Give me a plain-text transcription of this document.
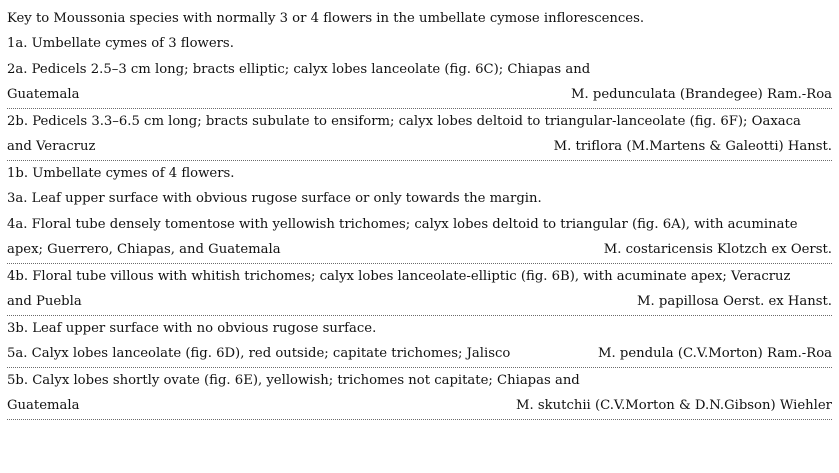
Key to Moussonia species with normally 3 or 4 flowers in the umbellate cymose inflorescences.
1a. Umbellate cymes of 3 flowers.
2a. Pedicels 2.5–3 cm long; bracts elliptic; calyx lobes lanceolate (fig. 6C); Chiapas and
Guatemala	M. pedunculata (Brandegee) Ram.-Roa
2b. Pedicels 3.3–6.5 cm long; bracts subulate to ensiform; calyx lobes deltoid to triangular-lanceolate (fig. 6F); Oaxaca
and Veracruz	M. triflora (M.Martens & Galeotti) Hanst.
1b. Umbellate cymes of 4 flowers.
3a. Leaf upper surface with obvious rugose surface or only towards the margin.
4a. Floral tube densely tomentose with yellowish trichomes; calyx lobes deltoid to triangular (fig. 6A), with acuminate
apex; Guerrero, Chiapas, and Guatemala	M. costaricensis Klotzch ex Oerst.
4b. Floral tube villous with whitish trichomes; calyx lobes lanceolate-elliptic (fig. 6B), with acuminate apex; Veracruz
and Puebla	M. papillosa Oerst. ex Hanst.
3b. Leaf upper surface with no obvious rugose surface.
5a. Calyx lobes lanceolate (fig. 6D), red outside; capitate trichomes; Jalisco	M. pendula (C.V.Morton) Ram.-Roa
5b. Calyx lobes shortly ovate (fig. 6E), yellowish; trichomes not capitate; Chiapas and
Guatemala	M. skutchii (C.V.Morton & D.N.Gibson) Wiehler
